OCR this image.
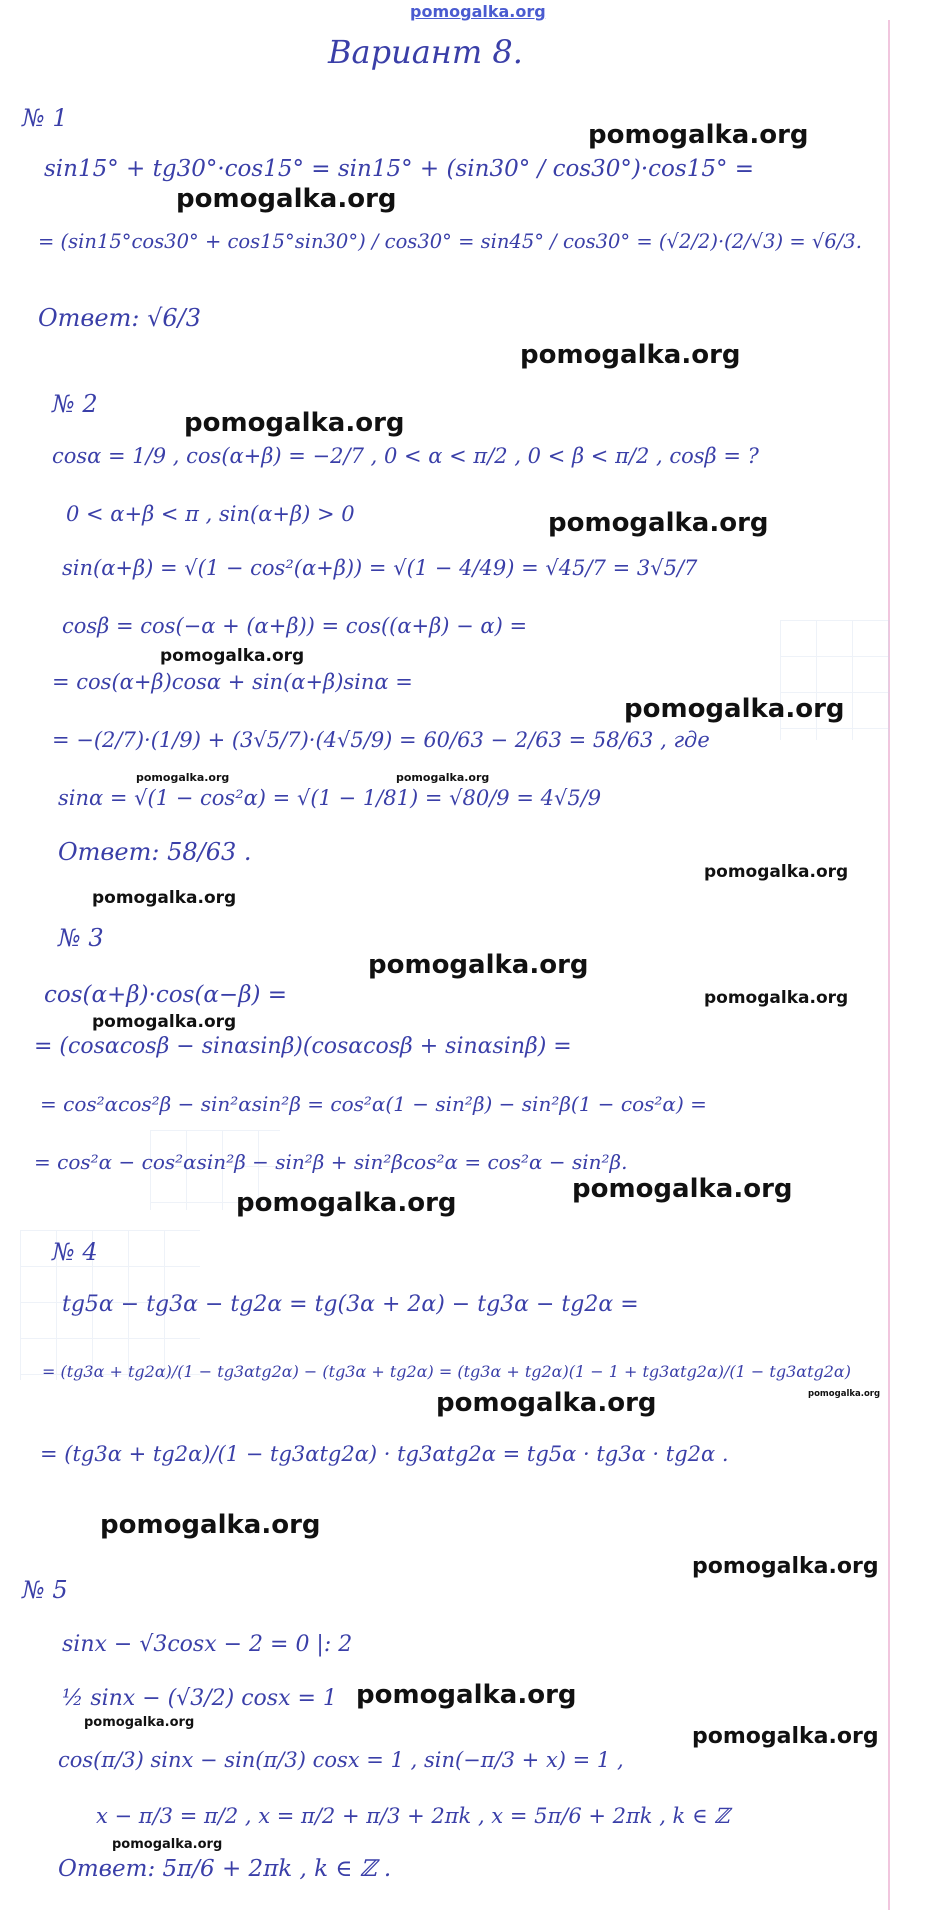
pomogalka.org
Вариант 8.
№ 1
sin15° + tg30°·cos15° = sin15° + (sin30° / cos30°)·cos15° =
= (sin15°cos30° + cos15°sin30°) / cos30° = sin45° / cos30° = (√2/2)·(2/√3) = √6/3.
Ответ: √6/3
№ 2
cosα = 1/9 , cos(α+β) = −2/7 , 0 < α < π/2 , 0 < β < π/2 , cosβ = ?
0 < α+β < π , sin(α+β) > 0
sin(α+β) = √(1 − cos²(α+β)) = √(1 − 4/49) = √45/7 = 3√5/7
cosβ = cos(−α + (α+β)) = cos((α+β) − α) =
= cos(α+β)cosα + sin(α+β)sinα =
= −(2/7)·(1/9) + (3√5/7)·(4√5/9) = 60/63 − 2/63 = 58/63 , где
sinα = √(1 − cos²α) = √(1 − 1/81) = √80/9 = 4√5/9
Ответ: 58/63 .
№ 3
cos(α+β)·cos(α−β) =
= (cosαcosβ − sinαsinβ)(cosαcosβ + sinαsinβ) =
= cos²αcos²β − sin²αsin²β = cos²α(1 − sin²β) − sin²β(1 − cos²α) =
= cos²α − cos²αsin²β − sin²β + sin²βcos²α = cos²α − sin²β.
№ 4
tg5α − tg3α − tg2α = tg(3α + 2α) − tg3α − tg2α =
= (tg3α + tg2α)/(1 − tg3αtg2α) − (tg3α + tg2α) = (tg3α + tg2α)(1 − 1 + tg3αtg2α)/(1 − tg3αtg2α)
= (tg3α + tg2α)/(1 − tg3αtg2α) · tg3αtg2α = tg5α · tg3α · tg2α .
№ 5
sinx − √3cosx − 2 = 0 |: 2
½ sinx − (√3/2) cosx = 1
cos(π/3) sinx − sin(π/3) cosx = 1 , sin(−π/3 + x) = 1 ,
x − π/3 = π/2 , x = π/2 + π/3 + 2πk , x = 5π/6 + 2πk , k ∈ ℤ
Ответ: 5π/6 + 2πk , k ∈ ℤ .
pomogalka.org
pomogalka.org
pomogalka.org
pomogalka.org
pomogalka.org
pomogalka.org
pomogalka.org
pomogalka.org	pomogalka.org
pomogalka.org
pomogalka.org
pomogalka.org
pomogalka.org
pomogalka.org
pomogalka.org
pomogalka.org
pomogalka.org	pomogalka.org
pomogalka.org
pomogalka.org
pomogalka.org
pomogalka.org
pomogalka.org
pomogalka.org
